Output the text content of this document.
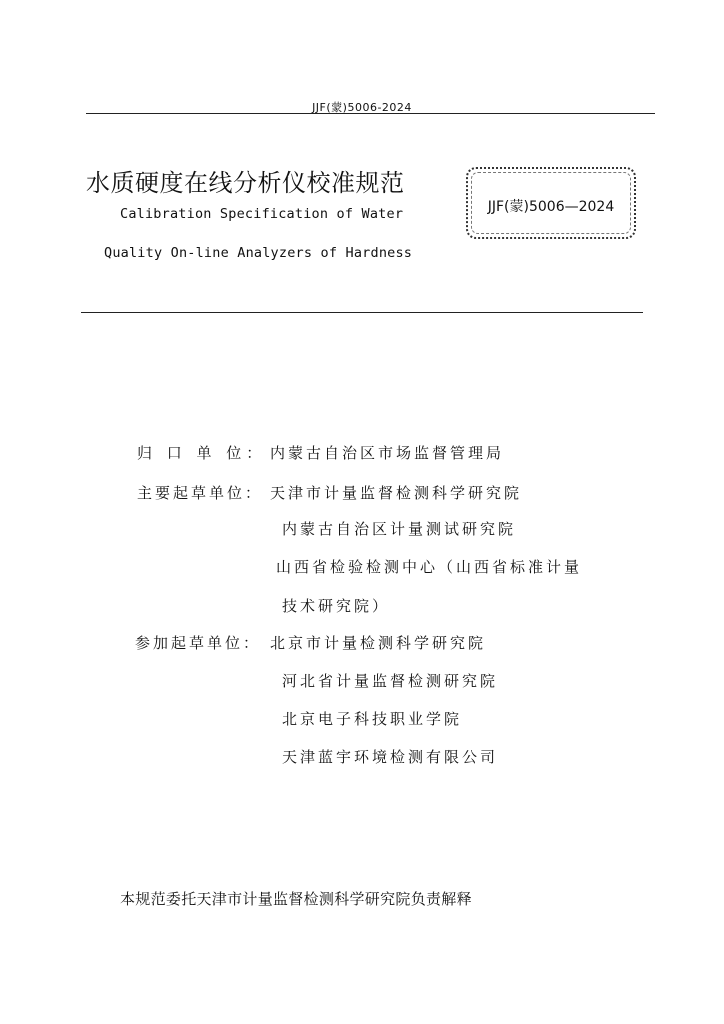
JJF(蒙)5006-2024
水质硬度在线分析仪校准规范
Calibration Specification of Water
Quality On-line Analyzers of Hardness
JJF(蒙)5006—2024
归 口 单 位： 内蒙古自治区市场监督管理局
主要起草单位： 天津市计量监督检测科学研究院
内蒙古自治区计量测试研究院
山西省检验检测中心（山西省标准计量
技术研究院）
参加起草单位： 北京市计量检测科学研究院
河北省计量监督检测研究院
北京电子科技职业学院
天津蓝宇环境检测有限公司
本规范委托天津市计量监督检测科学研究院负责解释
